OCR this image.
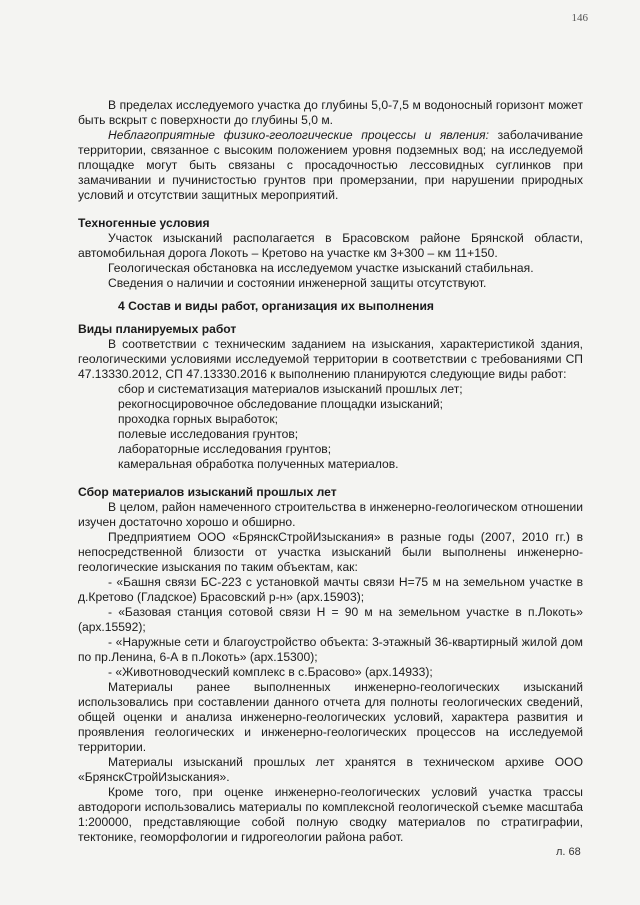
146

В пределах исследуемого участка до глубины 5,0-7,5 м водоносный горизонт может быть вскрыт с поверхности до глубины 5,0 м.

Неблагоприятные физико-геологические процессы и явления: заболачивание территории, связанное с высоким положением уровня подземных вод; на исследуемой площадке могут быть связаны с просадочностью лессовидных суглинков при замачивании и пучинистостью грунтов при промерзании, при нарушении природных условий и отсутствии защитных мероприятий.

Техногенные условия

Участок изысканий располагается в Брасовском районе Брянской области, автомобильная дорога Локоть – Кретово на участке км 3+300 – км 11+150.

Геологическая обстановка на исследуемом участке изысканий стабильная.

Сведения о наличии и состоянии инженерной защиты отсутствуют.

4 Состав и виды работ, организация их выполнения

Виды планируемых работ

В соответствии с техническим заданием на изыскания, характеристикой здания, геологическими условиями исследуемой территории в соответствии с требованиями СП 47.13330.2012, СП 47.13330.2016 к выполнению планируются следующие виды работ:

сбор и систематизация материалов изысканий прошлых лет;

рекогносцировочное обследование площадки изысканий;

проходка горных выработок;

полевые исследования грунтов;

лабораторные исследования грунтов;

камеральная обработка полученных материалов.

Сбор материалов изысканий прошлых лет

В целом, район намеченного строительства в инженерно-геологическом отношении изучен достаточно хорошо и обширно.

Предприятием ООО «БрянскСтройИзыскания» в разные годы (2007, 2010 гг.) в непосредственной близости от участка изысканий были выполнены инженерно-геологические изыскания по таким объектам, как:

- «Башня связи БС-223 с установкой мачты связи Н=75 м на земельном участке в д.Кретово (Гладское) Брасовский р-н» (арх.15903);

- «Базовая станция сотовой связи Н = 90 м на земельном участке в п.Локоть» (арх.15592);

- «Наружные сети и благоустройство объекта: 3-этажный 36-квартирный жилой дом по пр.Ленина, 6-А в п.Локоть» (арх.15300);

- «Животноводческий комплекс в с.Брасово» (арх.14933);

Материалы ранее выполненных инженерно-геологических изысканий использовались при составлении данного отчета для полноты геологических сведений, общей оценки и анализа инженерно-геологических условий, характера развития и проявления геологических и инженерно-геологических процессов на исследуемой территории.

Материалы изысканий прошлых лет хранятся в техническом архиве ООО «БрянскСтройИзыскания».

Кроме того, при оценке инженерно-геологических условий участка трассы автодороги использовались материалы по комплексной геологической съемке масштаба 1:200000, представляющие собой полную сводку материалов по стратиграфии, тектонике, геоморфологии и гидрогеологии района работ.

л. 68
